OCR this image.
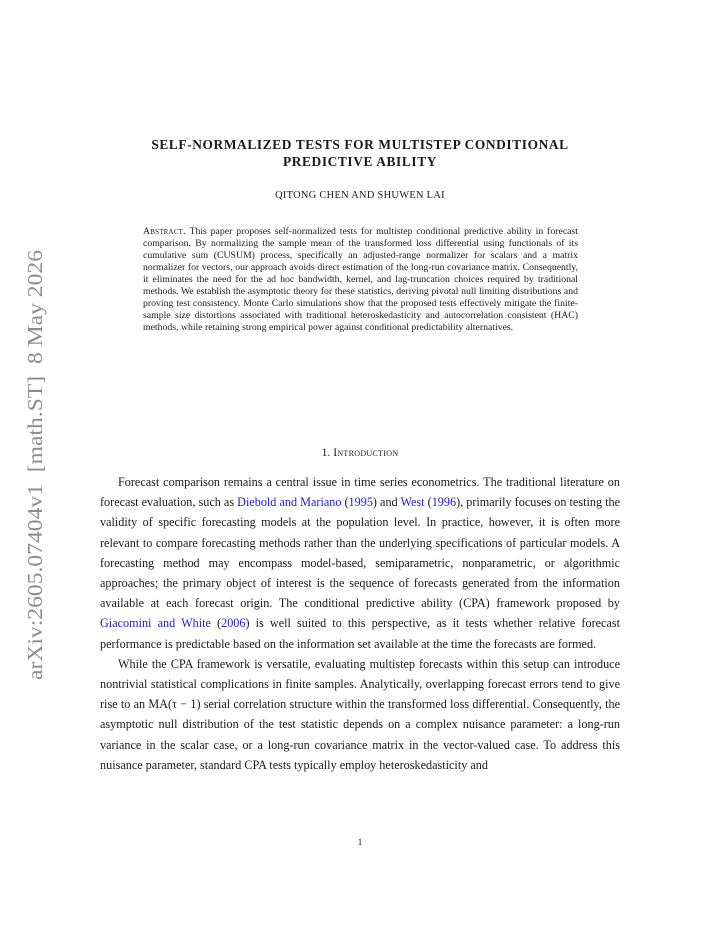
arXiv:2605.07404v1  [math.ST]  8 May 2026
SELF-NORMALIZED TESTS FOR MULTISTEP CONDITIONAL
PREDICTIVE ABILITY
QITONG CHEN AND SHUWEN LAI

Abstract. This paper proposes self-normalized tests for multistep conditional predictive ability in forecast comparison. By normalizing the sample mean of the transformed loss differential using functionals of its cumulative sum (CUSUM) process, specifically an adjusted-range normalizer for scalars and a matrix normalizer for vectors, our approach avoids direct estimation of the long-run covariance matrix. Consequently, it eliminates the need for the ad hoc bandwidth, kernel, and lag-truncation choices required by traditional methods. We establish the asymptotic theory for these statistics, deriving pivotal null limiting distributions and proving test consistency. Monte Carlo simulations show that the proposed tests effectively mitigate the finite-sample size distortions associated with traditional heteroskedasticity and autocorrelation consistent (HAC) methods, while retaining strong empirical power against conditional predictability alternatives.

1. Introduction

Forecast comparison remains a central issue in time series econometrics. The traditional literature on forecast evaluation, such as Diebold and Mariano (1995) and West (1996), primarily focuses on testing the validity of specific forecasting models at the population level. In practice, however, it is often more relevant to compare forecasting methods rather than the underlying specifications of particular models. A forecasting method may encompass model-based, semiparametric, nonparametric, or algorithmic approaches; the primary object of interest is the sequence of forecasts generated from the information available at each forecast origin. The conditional predictive ability (CPA) framework proposed by Giacomini and White (2006) is well suited to this perspective, as it tests whether relative forecast performance is predictable based on the information set available at the time the forecasts are formed.

While the CPA framework is versatile, evaluating multistep forecasts within this setup can introduce nontrivial statistical complications in finite samples. Analytically, overlapping forecast errors tend to give rise to an MA(τ − 1) serial correlation structure within the transformed loss differential. Consequently, the asymptotic null distribution of the test statistic depends on a complex nuisance parameter: a long-run variance in the scalar case, or a long-run covariance matrix in the vector-valued case. To address this nuisance parameter, standard CPA tests typically employ heteroskedasticity and

1
